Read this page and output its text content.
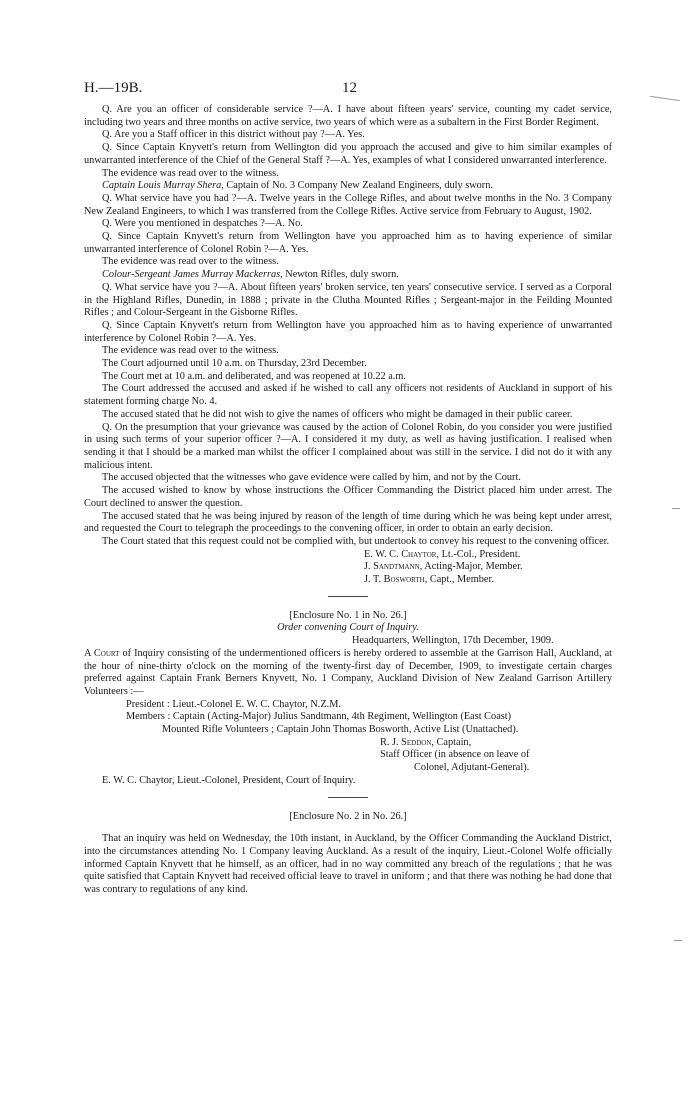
H.—19B.	12

Q. Are you an officer of considerable service ?—A. I have about fifteen years' service, counting my cadet service, including two years and three months on active service, two years of which were as a subaltern in the First Border Regiment.

Q. Are you a Staff officer in this district without pay ?—A. Yes.

Q. Since Captain Knyvett's return from Wellington did you approach the accused and give to him similar examples of unwarranted interference of the Chief of the General Staff ?—A. Yes, examples of what I considered unwarranted interference.

The evidence was read over to the witness.

Captain Louis Murray Shera, Captain of No. 3 Company New Zealand Engineers, duly sworn.

Q. What service have you had ?—A. Twelve years in the College Rifles, and about twelve months in the No. 3 Company New Zealand Engineers, to which I was transferred from the College Rifles. Active service from February to August, 1902.

Q. Were you mentioned in despatches ?—A. No.

Q. Since Captain Knyvett's return from Wellington have you approached him as to having experience of similar unwarranted interference of Colonel Robin ?—A. Yes.

The evidence was read over to the witness.

Colour-Sergeant James Murray Mackerras, Newton Rifles, duly sworn.

Q. What service have you ?—A. About fifteen years' broken service, ten years' consecutive service. I served as a Corporal in the Highland Rifles, Dunedin, in 1888 ; private in the Clutha Mounted Rifles ; Sergeant-major in the Feilding Mounted Rifles ; and Colour-Sergeant in the Gisborne Rifles.

Q. Since Captain Knyvett's return from Wellington have you approached him as to having experience of unwarranted interference by Colonel Robin ?—A. Yes.

The evidence was read over to the witness.

The Court adjourned until 10 a.m. on Thursday, 23rd December.

The Court met at 10 a.m. and deliberated, and was reopened at 10.22 a.m.

The Court addressed the accused and asked if he wished to call any officers not residents of Auckland in support of his statement forming charge No. 4.

The accused stated that he did not wish to give the names of officers who might be damaged in their public career.

Q. On the presumption that your grievance was caused by the action of Colonel Robin, do you consider you were justified in using such terms of your superior officer ?—A. I considered it my duty, as well as having justification. I realised when sending it that I should be a marked man whilst the officer I complained about was still in the service. I did not do it with any malicious intent.

The accused objected that the witnesses who gave evidence were called by him, and not by the Court.

The accused wished to know by whose instructions the Officer Commanding the District placed him under arrest. The Court declined to answer the question.

The accused stated that he was being injured by reason of the length of time during which he was being kept under arrest, and requested the Court to telegraph the proceedings to the convening officer, in order to obtain an early decision.

The Court stated that this request could not be complied with, but undertook to convey his request to the convening officer.

E. W. C. Chaytor, Lt.-Col., President.

J. Sandtmann, Acting-Major, Member.

J. T. Bosworth, Capt., Member.

[Enclosure No. 1 in No. 26.]

Order convening Court of Inquiry.

Headquarters, Wellington, 17th December, 1909.

A Court of Inquiry consisting of the undermentioned officers is hereby ordered to assemble at the Garrison Hall, Auckland, at the hour of nine-thirty o'clock on the morning of the twenty-first day of December, 1909, to investigate certain charges preferred against Captain Frank Berners Knyvett, No. 1 Company, Auckland Division of New Zealand Garrison Artillery Volunteers :—

President : Lieut.-Colonel E. W. C. Chaytor, N.Z.M.

Members : Captain (Acting-Major) Julius Sandtmann, 4th Regiment, Wellington (East Coast)

Mounted Rifle Volunteers ; Captain John Thomas Bosworth, Active List (Unattached).

R. J. Seddon, Captain,

Staff Officer (in absence on leave of

Colonel, Adjutant-General).

E. W. C. Chaytor, Lieut.-Colonel, President, Court of Inquiry.

[Enclosure No. 2 in No. 26.]

That an inquiry was held on Wednesday, the 10th instant, in Auckland, by the Officer Commanding the Auckland District, into the circumstances attending No. 1 Company leaving Auckland. As a result of the inquiry, Lieut.-Colonel Wolfe officially informed Captain Knyvett that he himself, as an officer, had in no way committed any breach of the regulations ; that he was quite satisfied that Captain Knyvett had received official leave to travel in uniform ; and that there was nothing he had done that was contrary to regulations of any kind.
